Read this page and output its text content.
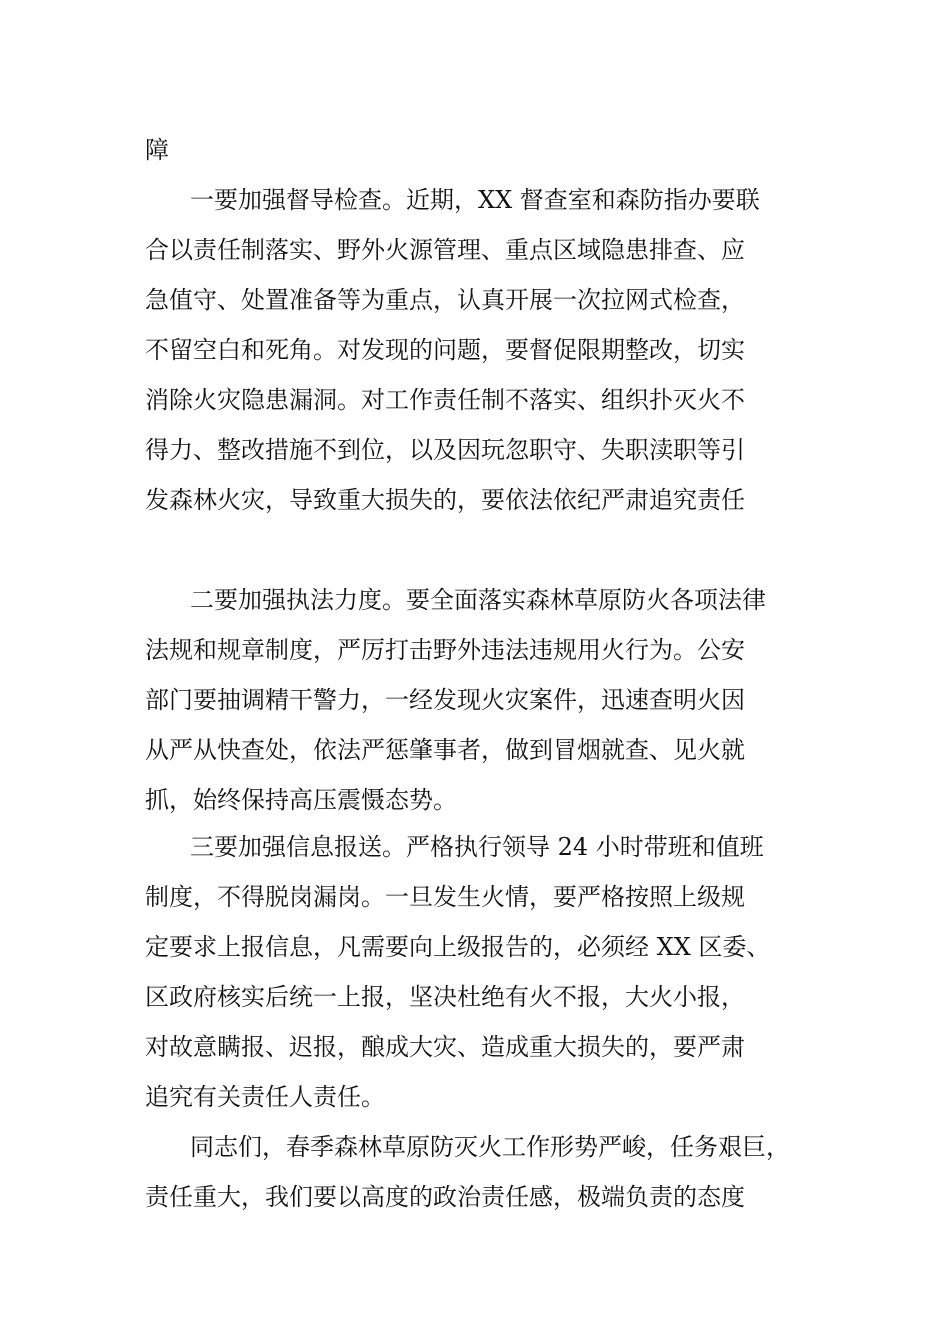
障
一要加强督导检查。近期，XX 督查室和森防指办要联
合以责任制落实、野外火源管理、重点区域隐患排查、应
急值守、处置准备等为重点，认真开展一次拉网式检查，
不留空白和死角。对发现的问题，要督促限期整改，切实
消除火灾隐患漏洞。对工作责任制不落实、组织扑灭火不
得力、整改措施不到位，以及因玩忽职守、失职渎职等引
发森林火灾，导致重大损失的，要依法依纪严肃追究责任
二要加强执法力度。要全面落实森林草原防火各项法律
法规和规章制度，严厉打击野外违法违规用火行为。公安
部门要抽调精干警力，一经发现火灾案件，迅速查明火因
从严从快查处，依法严惩肇事者，做到冒烟就查、见火就
抓，始终保持高压震慑态势。
三要加强信息报送。严格执行领导 24 小时带班和值班
制度，不得脱岗漏岗。一旦发生火情，要严格按照上级规
定要求上报信息，凡需要向上级报告的，必须经 XX 区委、
区政府核实后统一上报，坚决杜绝有火不报，大火小报，
对故意瞒报、迟报，酿成大灾、造成重大损失的，要严肃
追究有关责任人责任。
同志们，春季森林草原防灭火工作形势严峻，任务艰巨，
责任重大，我们要以高度的政治责任感，极端负责的态度
